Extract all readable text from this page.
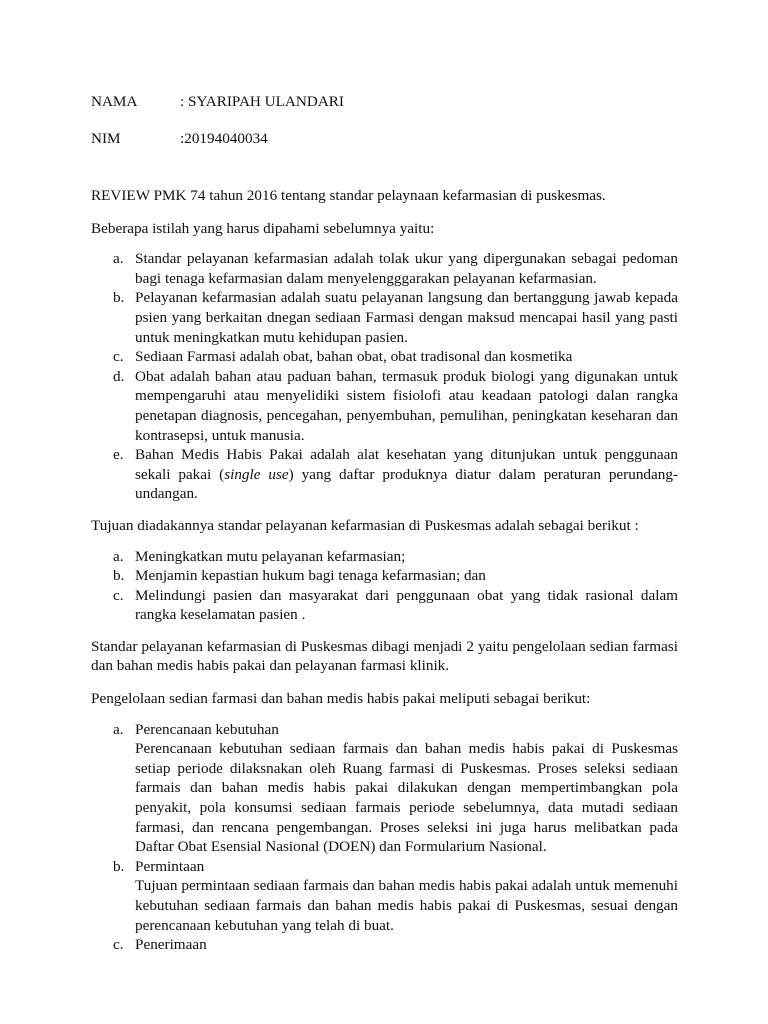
NAMA	: SYARIPAH ULANDARI
NIM	:20194040034

REVIEW PMK 74 tahun 2016 tentang standar pelaynaan kefarmasian di puskesmas.

Beberapa istilah yang harus dipahami sebelumnya yaitu:

a. Standar pelayanan kefarmasian adalah tolak ukur yang dipergunakan sebagai pedoman bagi tenaga kefarmasian dalam menyelengggarakan pelayanan kefarmasian.
b. Pelayanan kefarmasian adalah suatu pelayanan langsung dan bertanggung jawab kepada psien yang berkaitan dnegan sediaan Farmasi dengan maksud mencapai hasil yang pasti untuk meningkatkan mutu kehidupan pasien.
c. Sediaan Farmasi adalah obat, bahan obat, obat tradisonal dan kosmetika
d. Obat adalah bahan atau paduan bahan, termasuk produk biologi yang digunakan untuk mempengaruhi atau menyelidiki sistem fisiolofi atau keadaan patologi dalan rangka penetapan diagnosis, pencegahan, penyembuhan, pemulihan, peningkatan keseharan dan kontrasepsi, untuk manusia.
e. Bahan Medis Habis Pakai adalah alat kesehatan yang ditunjukan untuk penggunaan sekali pakai (single use) yang daftar produknya diatur dalam peraturan perundang-undangan.

Tujuan diadakannya standar pelayanan kefarmasian di Puskesmas adalah sebagai berikut :

a. Meningkatkan mutu pelayanan kefarmasian;
b. Menjamin kepastian hukum bagi tenaga kefarmasian; dan
c. Melindungi pasien dan masyarakat dari penggunaan obat yang tidak rasional dalam rangka keselamatan pasien .

Standar pelayanan kefarmasian di Puskesmas dibagi menjadi 2 yaitu pengelolaan sedian farmasi dan bahan medis habis pakai dan pelayanan farmasi klinik.

Pengelolaan sedian farmasi dan bahan medis habis pakai meliputi sebagai berikut:

a. Perencanaan kebutuhan
Perencanaan kebutuhan sediaan farmais dan bahan medis habis pakai di Puskesmas setiap periode dilaksnakan oleh Ruang farmasi di Puskesmas. Proses seleksi sediaan farmais dan bahan medis habis pakai dilakukan dengan mempertimbangkan pola penyakit, pola konsumsi sediaan farmais periode sebelumnya, data mutadi sediaan farmasi, dan rencana pengembangan. Proses seleksi ini juga harus melibatkan pada Daftar Obat Esensial Nasional (DOEN) dan Formularium Nasional.
b. Permintaan
Tujuan permintaan sediaan farmais dan bahan medis habis pakai adalah untuk memenuhi kebutuhan sediaan farmais dan bahan medis habis pakai di Puskesmas, sesuai dengan perencanaan kebutuhan yang telah di buat.
c. Penerimaan
